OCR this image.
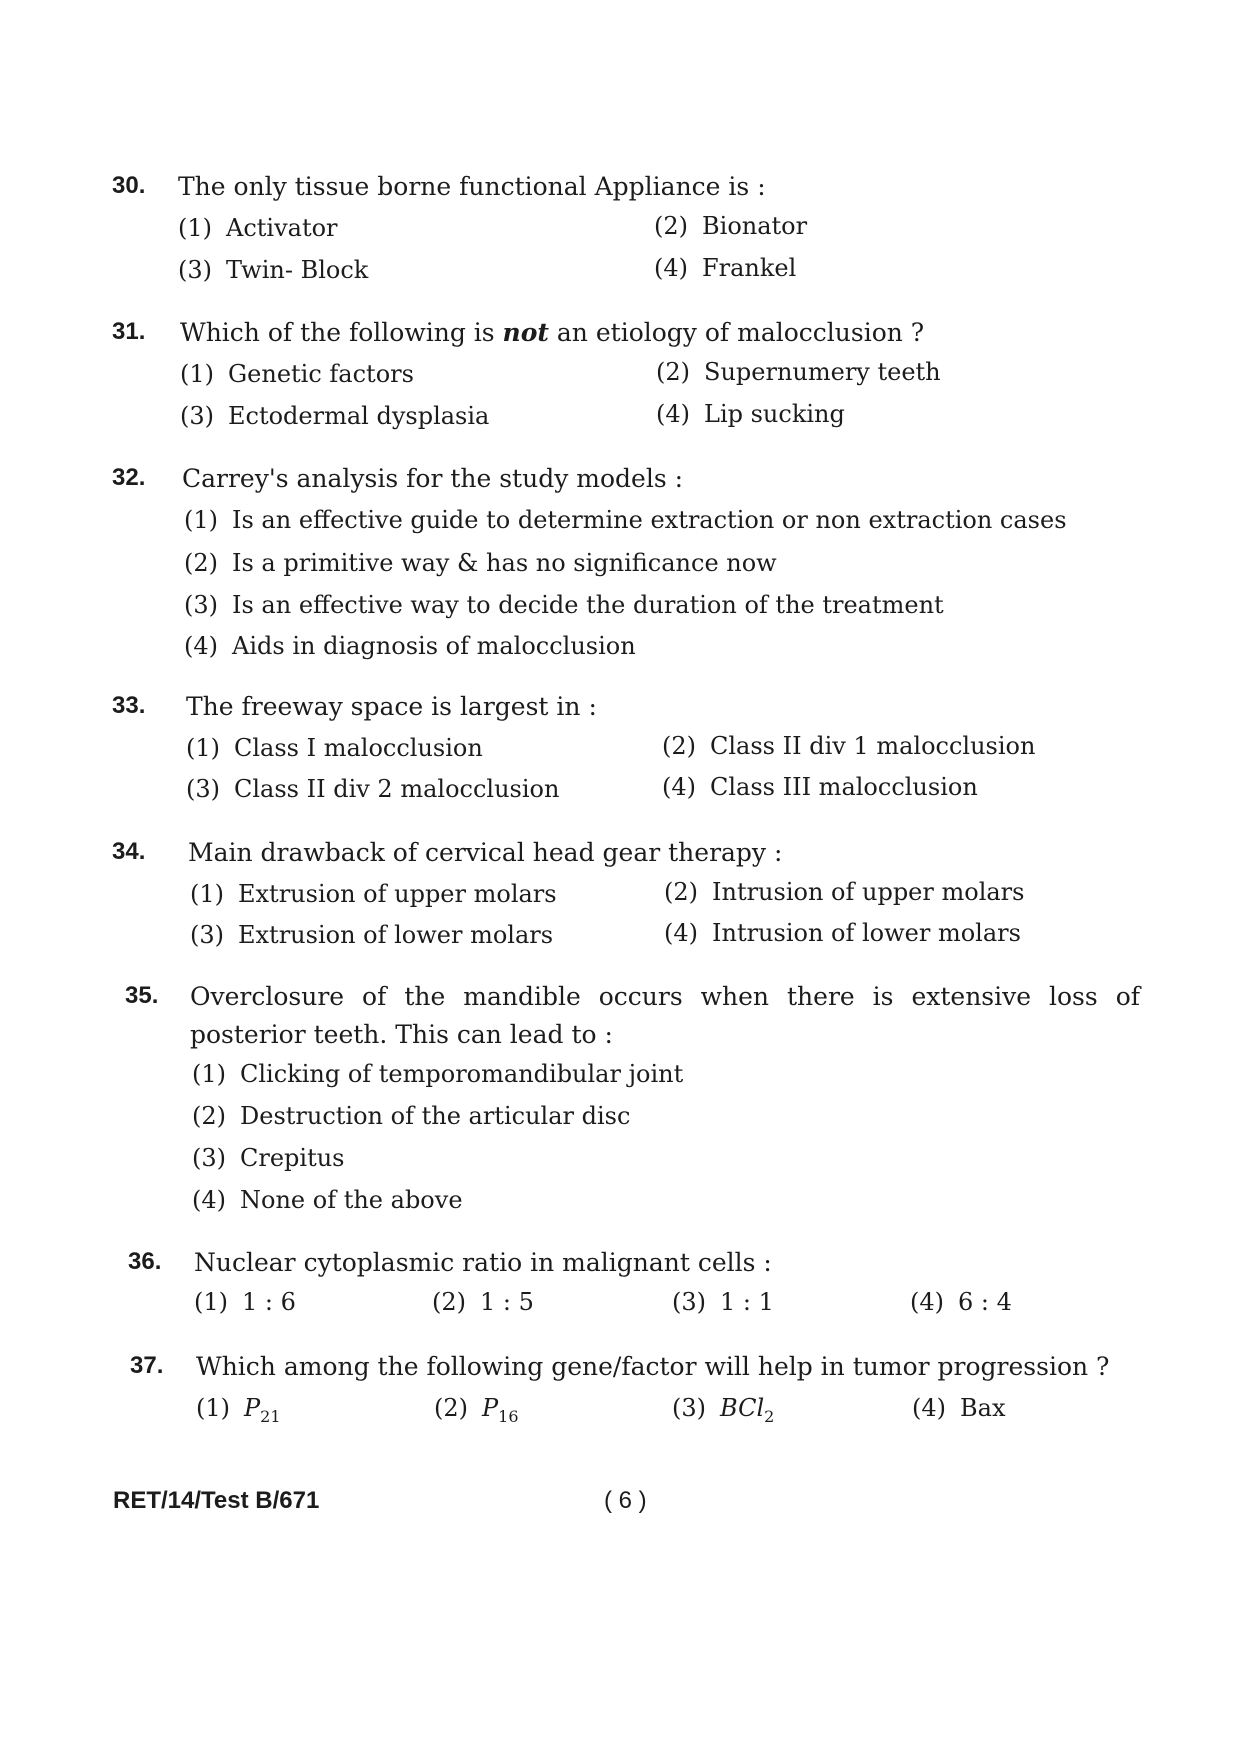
30. The only tissue borne functional Appliance is :
(1) Activator	(2) Bionator
(3) Twin- Block	(4) Frankel
31. Which of the following is not an etiology of malocclusion ?
(1) Genetic factors	(2) Supernumery teeth
(3) Ectodermal dysplasia	(4) Lip sucking
32. Carrey's analysis for the study models :
(1) Is an effective guide to determine extraction or non extraction cases
(2) Is a primitive way & has no significance now
(3) Is an effective way to decide the duration of the treatment
(4) Aids in diagnosis of malocclusion
33. The freeway space is largest in :
(1) Class I malocclusion	(2) Class II div 1 malocclusion
(3) Class II div 2 malocclusion	(4) Class III malocclusion
34. Main drawback of cervical head gear therapy :
(1) Extrusion of upper molars	(2) Intrusion of upper molars
(3) Extrusion of lower molars	(4) Intrusion of lower molars
35. Overclosure of the mandible occurs when there is extensive loss of posterior teeth. This can lead to :
(1) Clicking of temporomandibular joint
(2) Destruction of the articular disc
(3) Crepitus
(4) None of the above
36. Nuclear cytoplasmic ratio in malignant cells :
(1) 1 : 6	(2) 1 : 5	(3) 1 : 1	(4) 6 : 4
37. Which among the following gene/factor will help in tumor progression ?
(1) $P_{21}$	(2) $P_{16}$	(3) BCl$_2$	(4) Bax
RET/14/Test B/671	( 6 )
